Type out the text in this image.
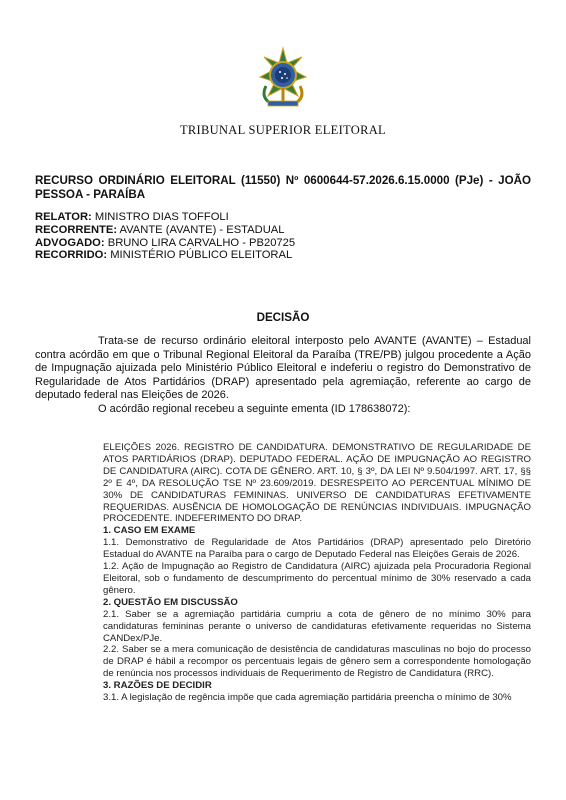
TRIBUNAL SUPERIOR ELEITORAL
RECURSO ORDINÁRIO ELEITORAL (11550) Nº 0600644-57.2026.6.15.0000 (PJe) - JOÃO PESSOA - PARAÍBA
RELATOR: MINISTRO DIAS TOFFOLI
RECORRENTE: AVANTE (AVANTE) - ESTADUAL
ADVOGADO: BRUNO LIRA CARVALHO - PB20725
RECORRIDO: MINISTÉRIO PÚBLICO ELEITORAL
DECISÃO

Trata-se de recurso ordinário eleitoral interposto pelo AVANTE (AVANTE) – Estadual contra acórdão em que o Tribunal Regional Eleitoral da Paraíba (TRE/PB) julgou procedente a Ação de Impugnação ajuizada pelo Ministério Público Eleitoral e indeferiu o registro do Demonstrativo de Regularidade de Atos Partidários (DRAP) apresentado pela agremiação, referente ao cargo de deputado federal nas Eleições de 2026.

O acórdão regional recebeu a seguinte ementa (ID 178638072):

ELEIÇÕES 2026. REGISTRO DE CANDIDATURA. DEMONSTRATIVO DE REGULARIDADE DE ATOS PARTIDÁRIOS (DRAP). DEPUTADO FEDERAL. AÇÃO DE IMPUGNAÇÃO AO REGISTRO DE CANDIDATURA (AIRC). COTA DE GÊNERO. ART. 10, § 3º, DA LEI Nº 9.504/1997. ART. 17, §§ 2º E 4º, DA RESOLUÇÃO TSE Nº 23.609/2019. DESRESPEITO AO PERCENTUAL MÍNIMO DE 30% DE CANDIDATURAS FEMININAS. UNIVERSO DE CANDIDATURAS EFETIVAMENTE REQUERIDAS. AUSÊNCIA DE HOMOLOGAÇÃO DE RENÚNCIAS INDIVIDUAIS. IMPUGNAÇÃO PROCEDENTE. INDEFERIMENTO DO DRAP.

1. CASO EM EXAME

1.1. Demonstrativo de Regularidade de Atos Partidários (DRAP) apresentado pelo Diretório Estadual do AVANTE na Paraíba para o cargo de Deputado Federal nas Eleições Gerais de 2026.

1.2. Ação de Impugnação ao Registro de Candidatura (AIRC) ajuizada pela Procuradoria Regional Eleitoral, sob o fundamento de descumprimento do percentual mínimo de 30% reservado a cada gênero.

2. QUESTÃO EM DISCUSSÃO

2.1. Saber se a agremiação partidária cumpriu a cota de gênero de no mínimo 30% para candidaturas femininas perante o universo de candidaturas efetivamente requeridas no Sistema CANDex/PJe.

2.2. Saber se a mera comunicação de desistência de candidaturas masculinas no bojo do processo de DRAP é hábil a recompor os percentuais legais de gênero sem a correspondente homologação de renúncia nos processos individuais de Requerimento de Registro de Candidatura (RRC).

3. RAZÕES DE DECIDIR

3.1. A legislação de regência impõe que cada agremiação partidária preencha o mínimo de 30%
